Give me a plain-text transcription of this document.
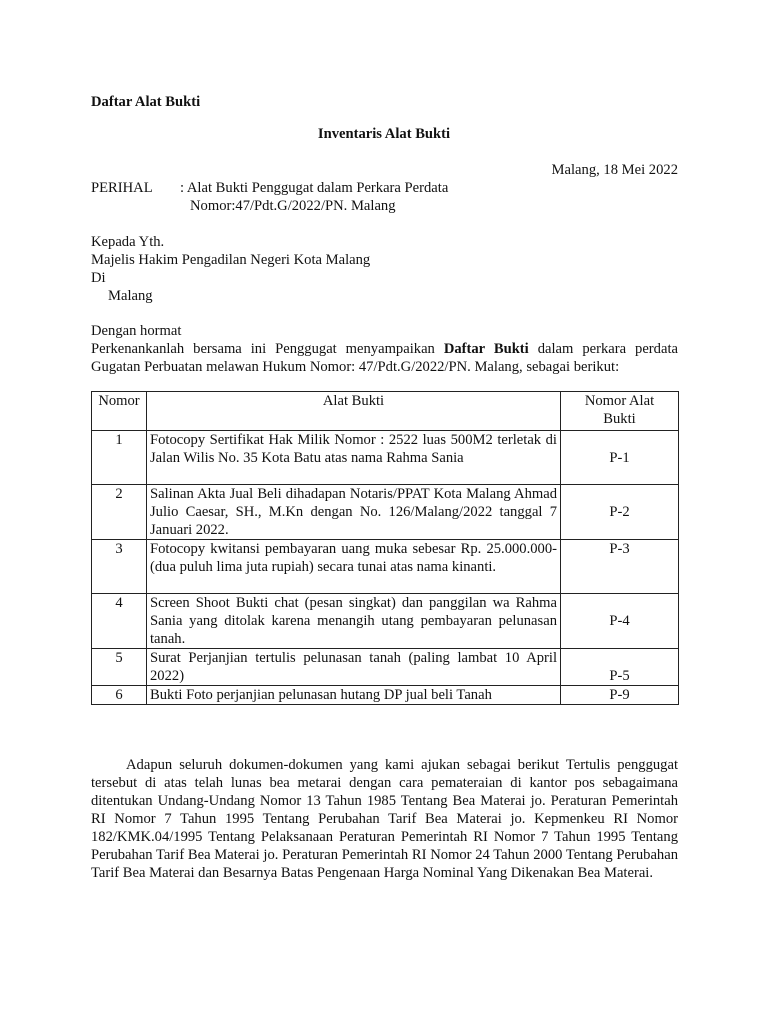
Daftar Alat Bukti
Inventaris Alat Bukti
Malang, 18 Mei 2022
PERIHAL : Alat Bukti Penggugat dalam Perkara Perdata
Nomor:47/Pdt.G/2022/PN. Malang
Kepada Yth.
Majelis Hakim Pengadilan Negeri Kota Malang
Di
Malang
Dengan hormat
Perkenankanlah bersama ini Penggugat menyampaikan Daftar Bukti dalam perkara perdata
Gugatan Perbuatan melawan Hukum Nomor: 47/Pdt.G/2022/PN. Malang, sebagai berikut:
Nomor	Alat Bukti	Nomor Alat
Bukti
1	Fotocopy Sertifikat Hak Milik Nomor : 2522 luas 500M2 terletak di Jalan Wilis No. 35 Kota Batu atas nama Rahma Sania	P-1
2	Salinan Akta Jual Beli dihadapan Notaris/PPAT Kota Malang Ahmad Julio Caesar, SH., M.Kn dengan No. 126/Malang/2022 tanggal 7 Januari 2022.	P-2
3	Fotocopy kwitansi pembayaran uang muka sebesar Rp. 25.000.000- (dua puluh lima juta rupiah) secara tunai atas nama kinanti.	P-3
4	Screen Shoot Bukti chat (pesan singkat) dan panggilan wa Rahma Sania yang ditolak karena menangih utang pembayaran pelunasan tanah.	P-4
5	Surat Perjanjian tertulis pelunasan tanah (paling lambat 10 April 2022)	P-5
6	Bukti Foto perjanjian pelunasan hutang DP jual beli Tanah	P-9
Adapun seluruh dokumen-dokumen yang kami ajukan sebagai berikut Tertulis penggugat tersebut di atas telah lunas bea metarai dengan cara pemateraian di kantor pos sebagaimana ditentukan Undang-Undang Nomor 13 Tahun 1985 Tentang Bea Materai jo. Peraturan Pemerintah RI Nomor 7 Tahun 1995 Tentang Perubahan Tarif Bea Materai jo. Kepmenkeu RI Nomor 182/KMK.04/1995 Tentang Pelaksanaan Peraturan Pemerintah RI Nomor 7 Tahun 1995 Tentang Perubahan Tarif Bea Materai jo. Peraturan Pemerintah RI Nomor 24 Tahun 2000 Tentang Perubahan Tarif Bea Materai dan Besarnya Batas Pengenaan Harga Nominal Yang Dikenakan Bea Materai.
